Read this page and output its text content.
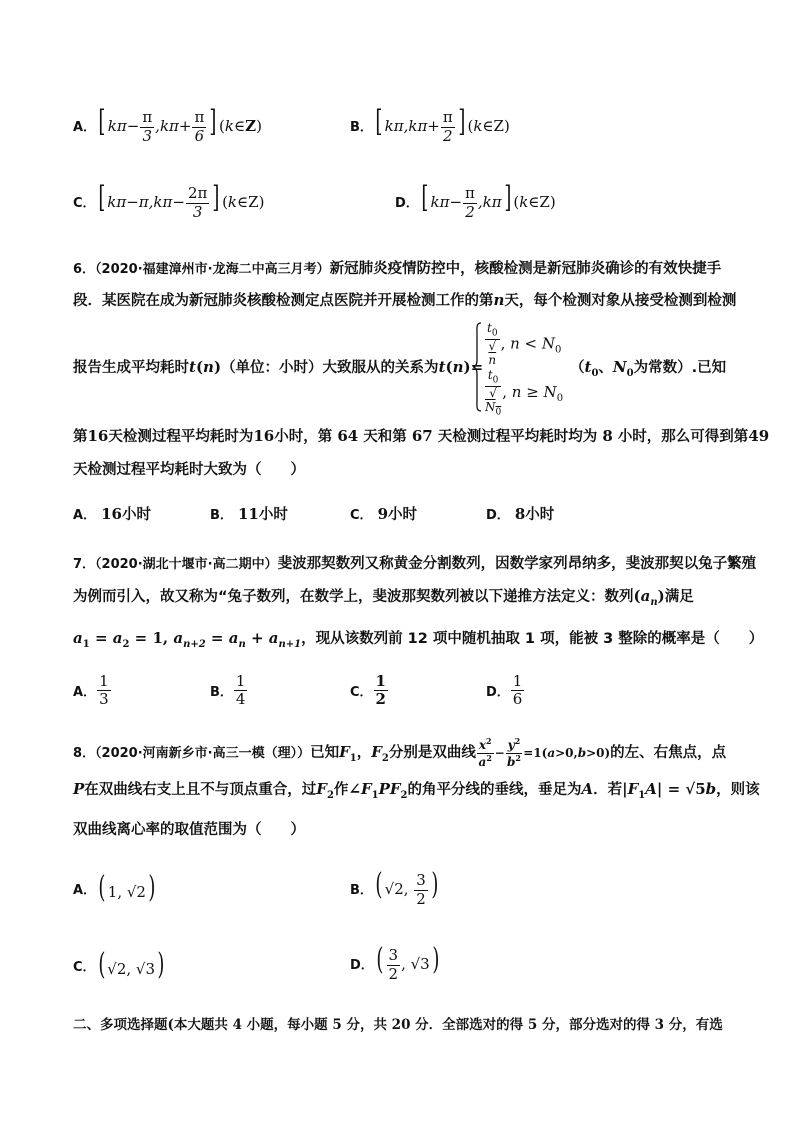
A． [ $k\pi- \frac{\pi}{3} ,k\pi+ \frac{\pi}{6}$ ] (k∈Z)	B． [ $k\pi,k\pi+ \frac{\pi}{2}$ ] (k∈Z)
C． [ $k\pi-\pi,k\pi- \frac{2\pi}{3}$ ] (k∈Z)	D． [ $k\pi- \frac{\pi}{2} ,k\pi$] (k∈Z)
6．（2020·福建漳州市·龙海二中高三月考）新冠肺炎疫情防控中，核酸检测是新冠肺炎确诊的有效快捷手
段．某医院在成为新冠肺炎核酸检测定点医院并开展检测工作的第n天，每个检测对象从接受检测到检测
报告生成平均耗时t(n)（单位：小时）大致服从的关系为$t(n)= t_0$
√
n , $n < N_0$
$t_0$
√
$N_0$ , $n \ge N_0$
（$t_0$、$N_0$为常数）.已知
第16天检测过程平均耗时为16小时，第 64 天和第 67 天检测过程平均耗时均为 8 小时，那么可得到第49
天检测过程平均耗时大致为（　　）
A． 16小时	B． 11小时	C． 9小时	D． 8小时
7．（2020·湖北十堰市·高二期中）斐波那契数列又称黄金分割数列，因数学家列昂纳多，斐波那契以兔子繁殖
为例而引入，故又称为“兔子数列，在数学上，斐波那契数列被以下递推方法定义：数列$(a_n)$满足
$a_1 = a_2 = 1$, $a_{n+2} = a_n + a_{n+1}$，现从该数列前 12 项中随机抽取 1 项，能被 3 整除的概率是（　　）
A． $\frac{1}{3}$	B． $\frac{1}{4}$	C． $\frac{1}{2}$	D． $\frac{1}{6}$
8．（2020·河南新乡市·高三一模（理））已知$F_1$，$F_2$分别是双曲线 $\frac{x^2}{a^2} - \frac{y^2}{b^2} =1(a>0,b>0)$的左、右焦点，点
P在双曲线右支上且不与顶点重合，过$F_2$作$\angle F_1PF_2$的角平分线的垂线，垂足为A．若$|F_1A| = √5b$，则该
双曲线离心率的取值范围为（　　）
A． ( 1, √2)	B． ( √2, $\frac{3}{2}$ )
C． ( √2, √3)	D． ( $\frac{3}{2}$ , √3)
二、多项选择题(本大题共 4 小题，每小题 5 分，共 20 分．全部选对的得 5 分，部分选对的得 3 分，有选
